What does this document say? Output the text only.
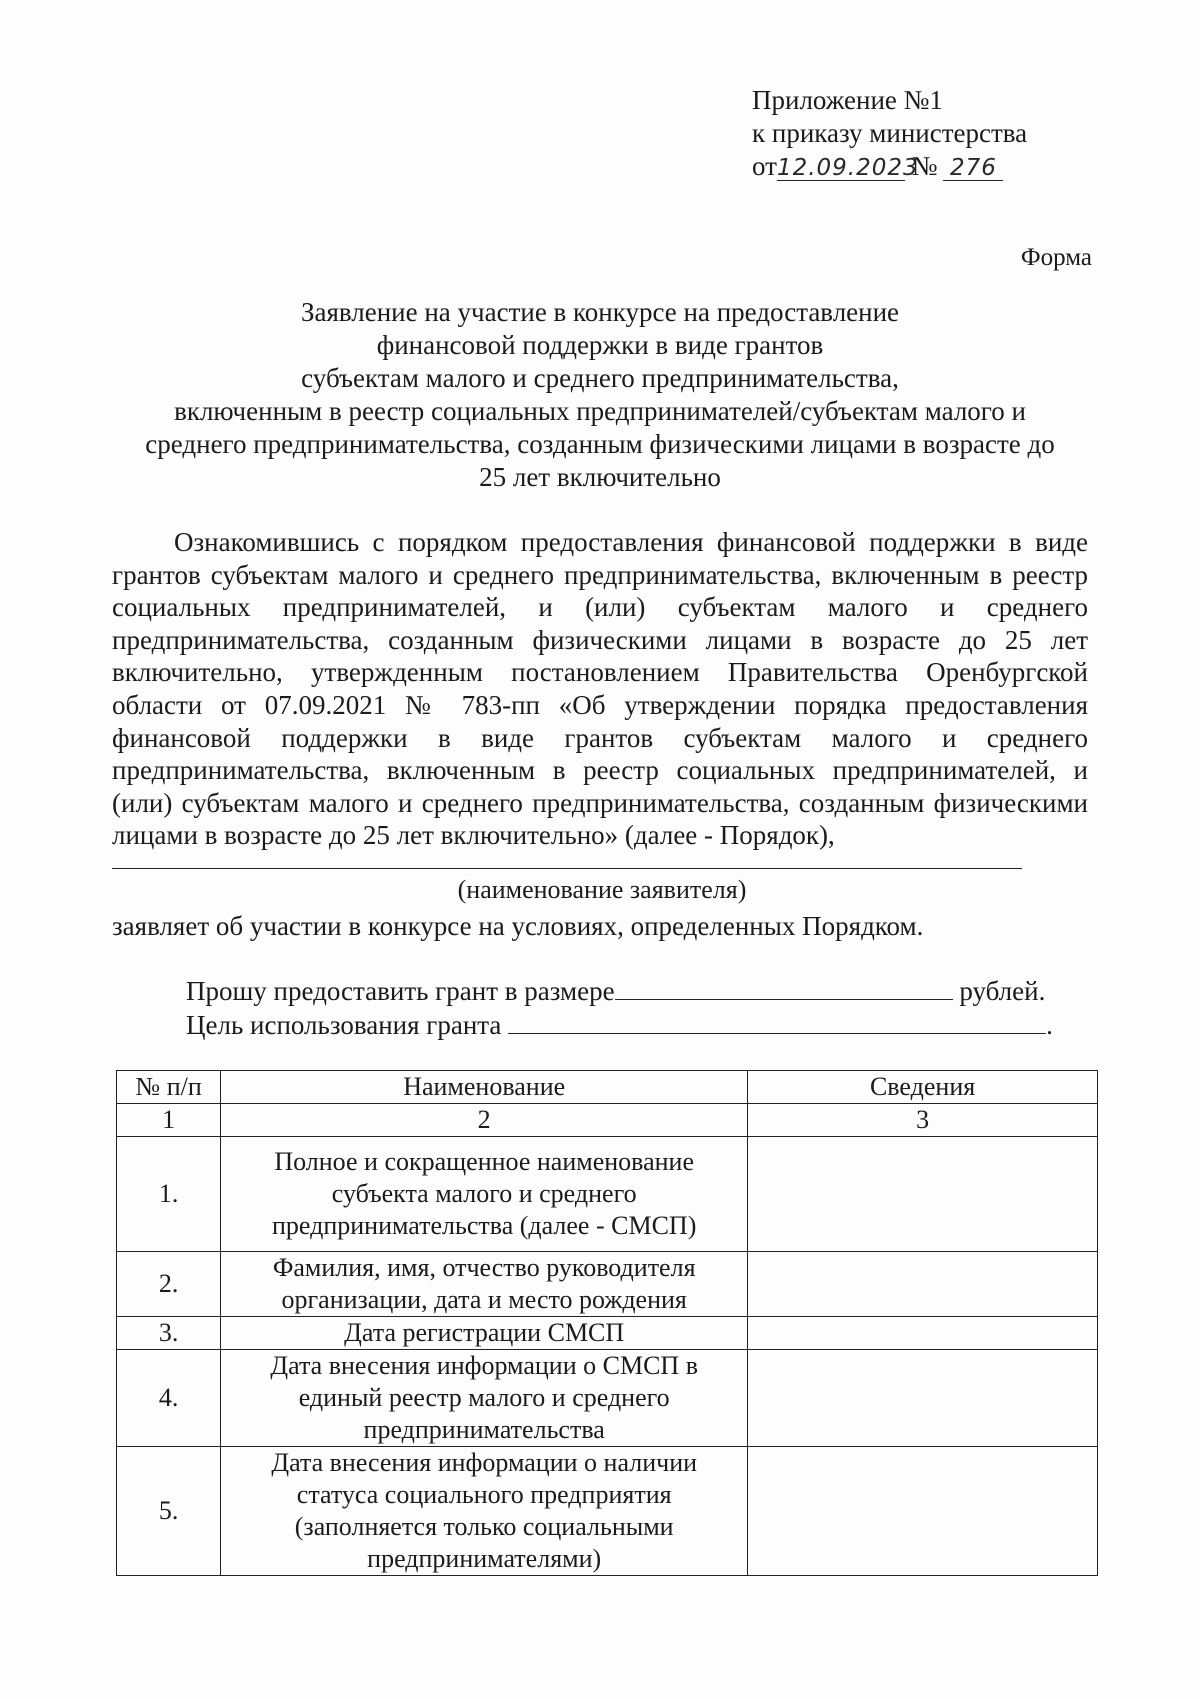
Приложение №1
к приказу министерства
от12.09.2023 № 276
Форма
Заявление на участие в конкурсе на предоставление
финансовой поддержки в виде грантов
субъектам малого и среднего предпринимательства,
включенным в реестр социальных предпринимателей/субъектам малого и
среднего предпринимательства, созданным физическими лицами в возрасте до
25 лет включительно
Ознакомившись с порядком предоставления финансовой поддержки в виде грантов субъектам малого и среднего предпринимательства, включенным в реестр социальных предпринимателей, и (или) субъектам малого и среднего предпринимательства, созданным физическими лицами в возрасте до 25 лет включительно, утвержденным постановлением Правительства Оренбургской области от 07.09.2021 № 783-пп «Об утверждении порядка предоставления финансовой поддержки в виде грантов субъектам малого и среднего предпринимательства, включенным в реестр социальных предпринимателей, и (или) субъектам малого и среднего предпринимательства, созданным физическими лицами в возрасте до 25 лет включительно» (далее - Порядок),
(наименование заявителя)
заявляет об участии в конкурсе на условиях, определенных Порядком.
Прошу предоставить грант в размере	рублей.
Цель использования гранта	.
№ п/п	Наименование	Сведения
1	2	3
1.	Полное и сокращенное наименование
субъекта малого и среднего
предпринимательства (далее - СМСП)	

2.	Фамилия, имя, отчество руководителя
организации, дата и место рождения	

3.	Дата регистрации СМСП	

4.	Дата внесения информации о СМСП в
единый реестр малого и среднего
предпринимательства	

5.	Дата внесения информации о наличии
статуса социального предприятия
(заполняется только социальными
предпринимателями)	
